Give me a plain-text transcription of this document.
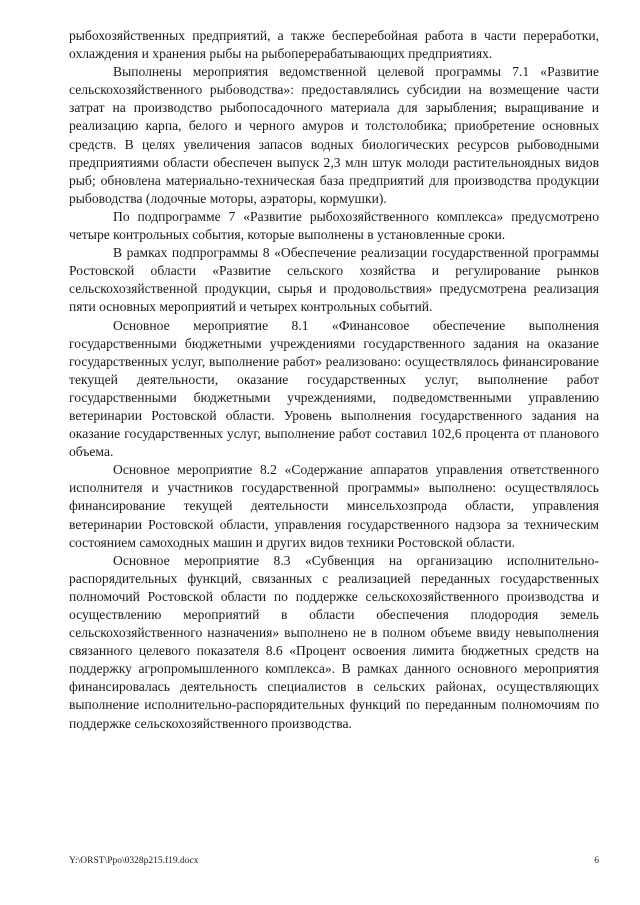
рыбохозяйственных предприятий, а также бесперебойная работа в части переработки, охлаждения и хранения рыбы на рыбоперерабатывающих предприятиях.

Выполнены мероприятия ведомственной целевой программы 7.1 «Развитие сельскохозяйственного рыбоводства»: предоставлялись субсидии на возмещение части затрат на производство рыбопосадочного материала для зарыбления; выращивание и реализацию карпа, белого и черного амуров и толстолобика; приобретение основных средств. В целях увеличения запасов водных биологических ресурсов рыбоводными предприятиями области обеспечен выпуск 2,3 млн штук молоди растительноядных видов рыб; обновлена материально-техническая база предприятий для производства продукции рыбоводства (лодочные моторы, аэраторы, кормушки).

По подпрограмме 7 «Развитие рыбохозяйственного комплекса» предусмотрено четыре контрольных события, которые выполнены в установленные сроки.

В рамках подпрограммы 8 «Обеспечение реализации государственной программы Ростовской области «Развитие сельского хозяйства и регулирование рынков сельскохозяйственной продукции, сырья и продовольствия» предусмотрена реализация пяти основных мероприятий и четырех контрольных событий.

Основное мероприятие 8.1 «Финансовое обеспечение выполнения государственными бюджетными учреждениями государственного задания на оказание государственных услуг, выполнение работ» реализовано: осуществлялось финансирование текущей деятельности, оказание государственных услуг, выполнение работ государственными бюджетными учреждениями, подведомственными управлению ветеринарии Ростовской области. Уровень выполнения государственного задания на оказание государственных услуг, выполнение работ составил 102,6 процента от планового объема.

Основное мероприятие 8.2 «Содержание аппаратов управления ответственного исполнителя и участников государственной программы» выполнено: осуществлялось финансирование текущей деятельности минсельхозпрода области, управления ветеринарии Ростовской области, управления государственного надзора за техническим состоянием самоходных машин и других видов техники Ростовской области.

Основное мероприятие 8.3 «Субвенция на организацию исполнительно-распорядительных функций, связанных с реализацией переданных государственных полномочий Ростовской области по поддержке сельскохозяйственного производства и осуществлению мероприятий в области обеспечения плодородия земель сельскохозяйственного назначения» выполнено не в полном объеме ввиду невыполнения связанного целевого показателя 8.6 «Процент освоения лимита бюджетных средств на поддержку агропромышленного комплекса». В рамках данного основного мероприятия финансировалась деятельность специалистов в сельских районах, осуществляющих выполнение исполнительно-распорядительных функций по переданным полномочиям по поддержке сельскохозяйственного производства.

Y:\ORST\Ppo\0328p215.f19.docx	6
